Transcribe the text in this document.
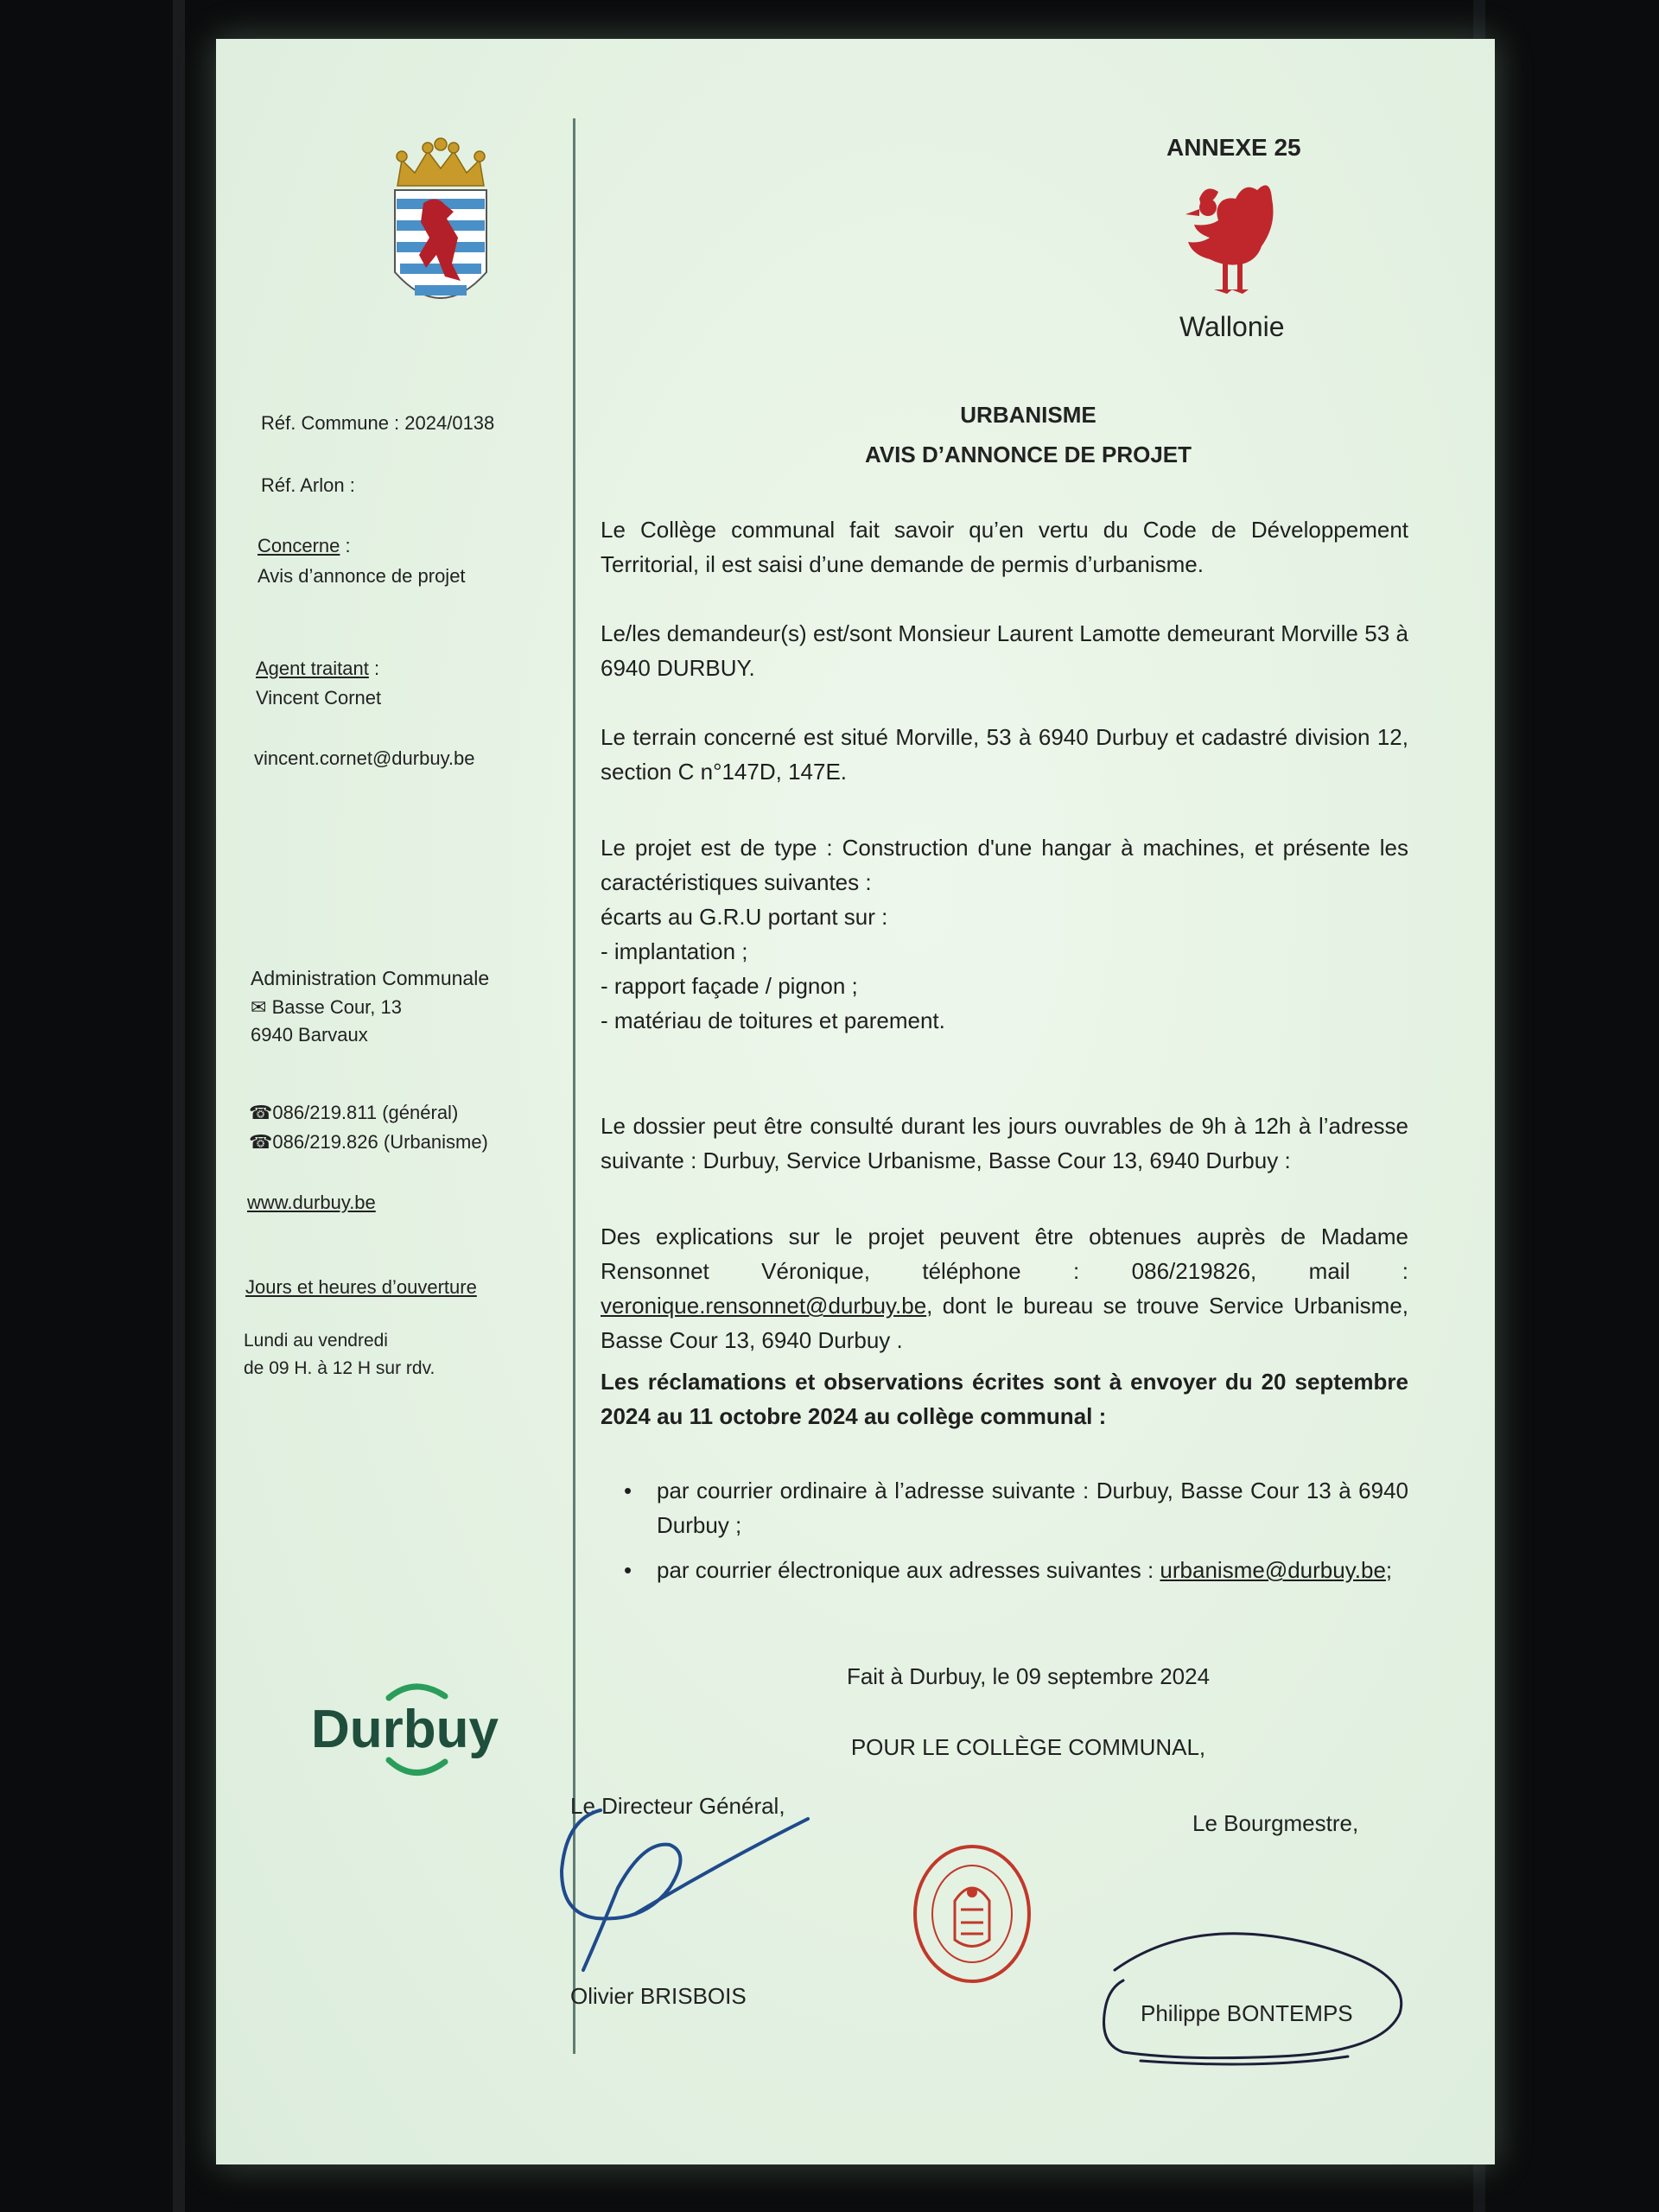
Réf. Commune : 2024/0138
Réf. Arlon :
Concerne :
Avis d’annonce de projet
Agent traitant :
Vincent Cornet
vincent.cornet@durbuy.be
Administration Communale
✉ Basse Cour, 13
6940 Barvaux
☎086/219.811 (général)
☎086/219.826 (Urbanisme)
www.durbuy.be
Jours et heures d’ouverture
Lundi au vendredi
de 09 H. à 12 H sur rdv.
Durbuy
ANNEXE 25
Wallonie
URBANISME
AVIS D’ANNONCE DE PROJET
Le Collège communal fait savoir qu’en vertu du Code de Développement Territorial, il est saisi d’une demande de permis d’urbanisme.
Le/les demandeur(s) est/sont Monsieur Laurent Lamotte demeurant Morville 53 à 6940 DURBUY.
Le terrain concerné est situé Morville, 53 à 6940 Durbuy et cadastré division 12, section C n°147D, 147E.
Le projet est de type : Construction d'une hangar à machines, et présente les caractéristiques suivantes :
écarts au G.R.U portant sur :
- implantation ;
- rapport façade / pignon ;
- matériau de toitures et parement.
Le dossier peut être consulté durant les jours ouvrables de 9h à 12h à l’adresse suivante : Durbuy, Service Urbanisme, Basse Cour 13, 6940 Durbuy :
Des explications sur le projet peuvent être obtenues auprès de Madame Rensonnet Véronique, téléphone : 086/219826, mail : veronique.rensonnet@durbuy.be, dont le bureau se trouve Service Urbanisme, Basse Cour 13, 6940 Durbuy .
Les réclamations et observations écrites sont à envoyer du 20 septembre 2024 au 11 octobre 2024 au collège communal :
• par courrier ordinaire à l’adresse suivante : Durbuy, Basse Cour 13 à 6940 Durbuy ;
• par courrier électronique aux adresses suivantes : urbanisme@durbuy.be;
Fait à Durbuy, le 09 septembre 2024
POUR LE COLLÈGE COMMUNAL,
Le Directeur Général,
Le Bourgmestre,
Olivier BRISBOIS
Philippe BONTEMPS
